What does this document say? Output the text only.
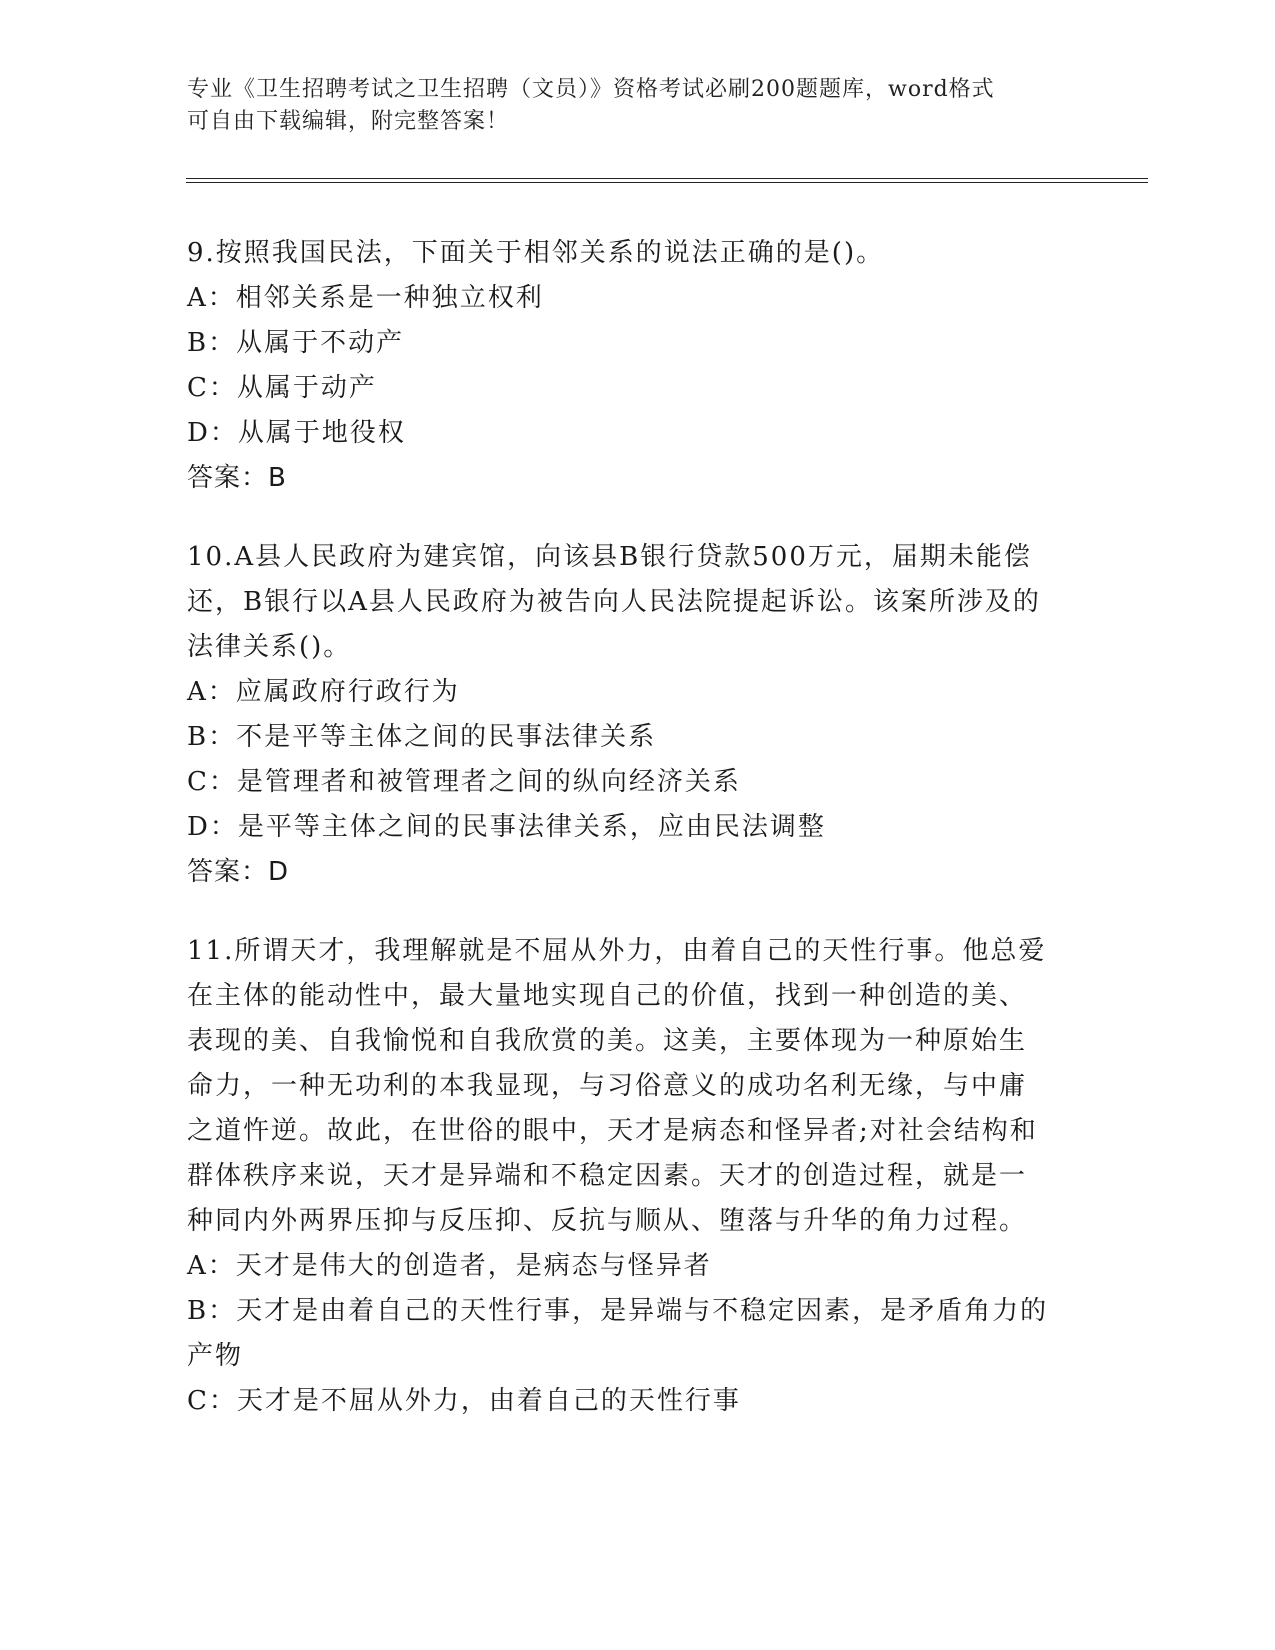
专业《卫生招聘考试之卫生招聘（文员）》资格考试必刷200题题库，word格式

可自由下载编辑，附完整答案！

9.按照我国民法，下面关于相邻关系的说法正确的是()。

A：相邻关系是一种独立权利

B：从属于不动产

C：从属于动产

D：从属于地役权

答案：B

10.A县人民政府为建宾馆，向该县B银行贷款500万元，届期未能偿

还，B银行以A县人民政府为被告向人民法院提起诉讼。该案所涉及的

法律关系()。

A：应属政府行政行为

B：不是平等主体之间的民事法律关系

C：是管理者和被管理者之间的纵向经济关系

D：是平等主体之间的民事法律关系，应由民法调整

答案：D

11.所谓天才，我理解就是不屈从外力，由着自己的天性行事。他总爱

在主体的能动性中，最大量地实现自己的价值，找到一种创造的美、

表现的美、自我愉悦和自我欣赏的美。这美，主要体现为一种原始生

命力，一种无功利的本我显现，与习俗意义的成功名利无缘，与中庸

之道忤逆。故此，在世俗的眼中，天才是病态和怪异者;对社会结构和

群体秩序来说，天才是异端和不稳定因素。天才的创造过程，就是一

种同内外两界压抑与反压抑、反抗与顺从、堕落与升华的角力过程。

A：天才是伟大的创造者，是病态与怪异者

B：天才是由着自己的天性行事，是异端与不稳定因素，是矛盾角力的

产物

C：天才是不屈从外力，由着自己的天性行事
